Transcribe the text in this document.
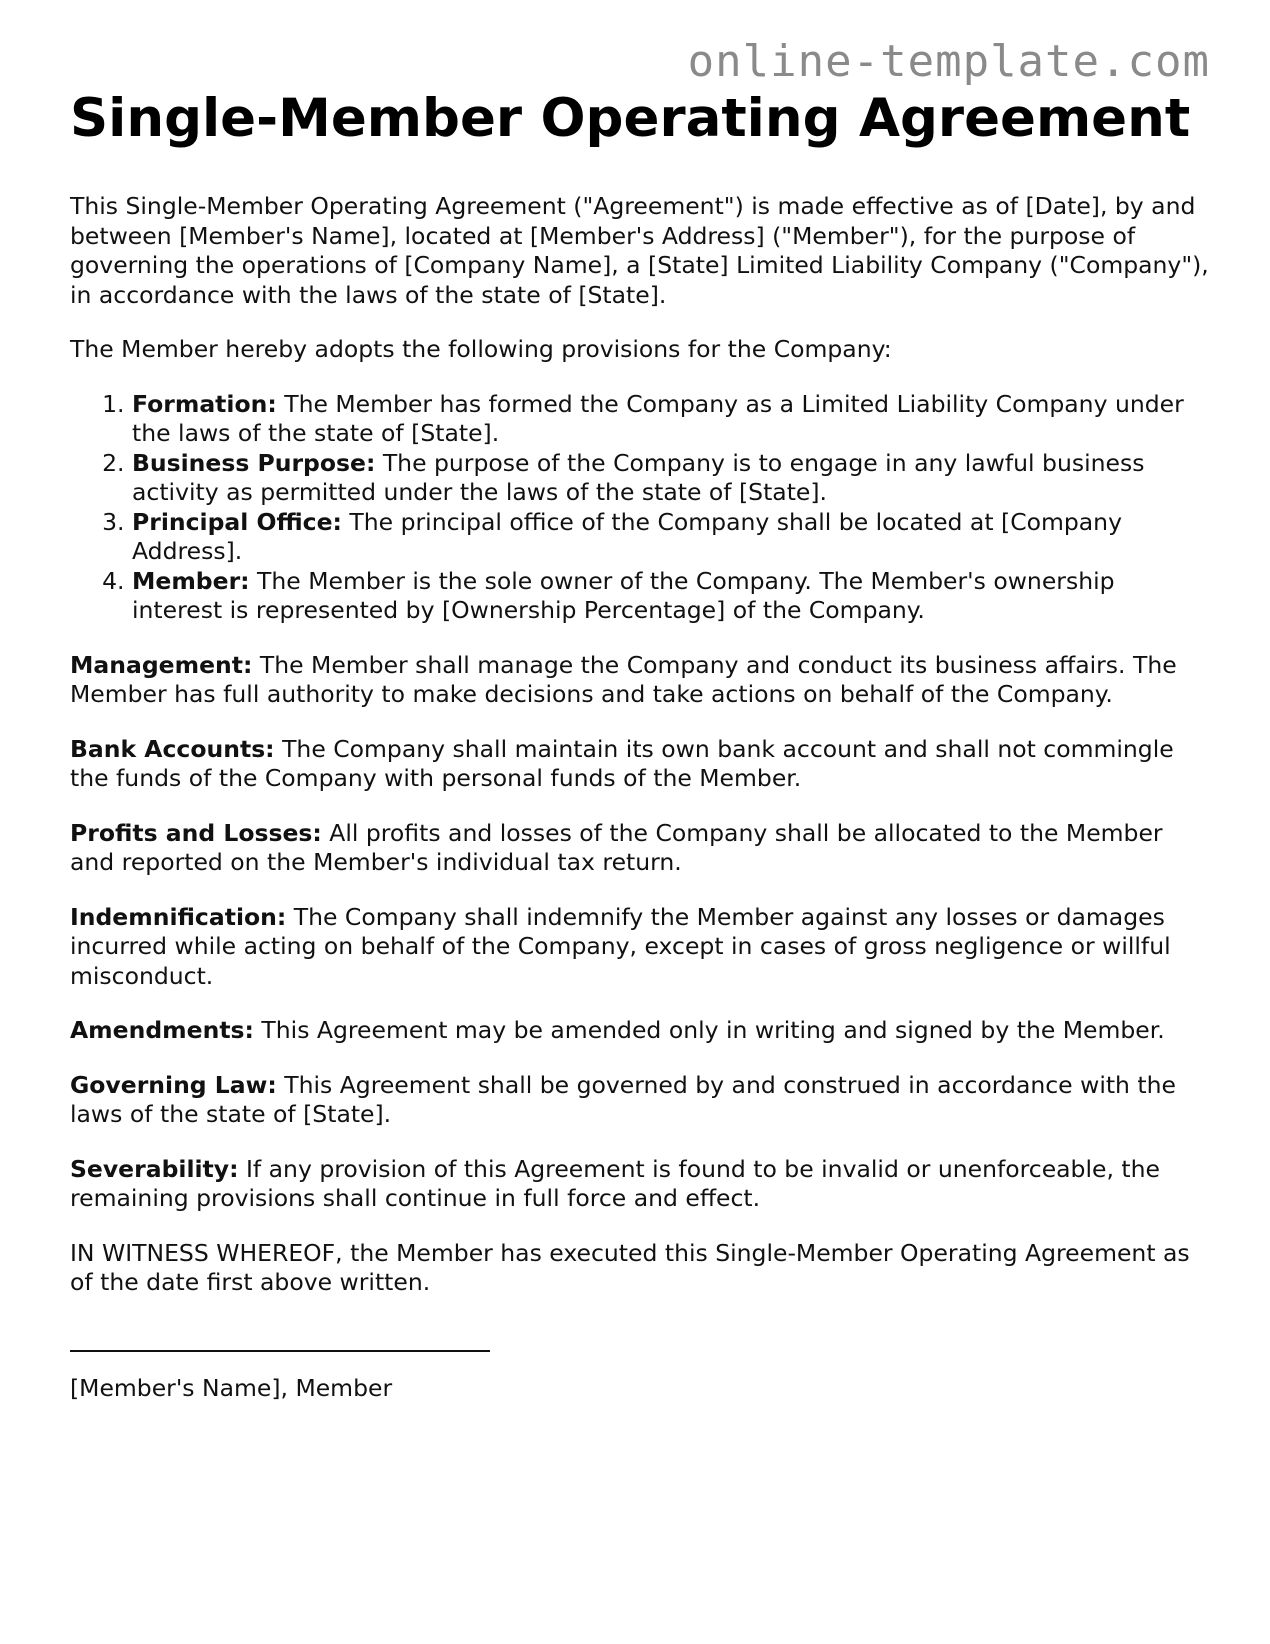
online-template.com
Single-Member Operating Agreement

This Single-Member Operating Agreement ("Agreement") is made effective as of [Date], by and between [Member's Name], located at [Member's Address] ("Member"), for the purpose of governing the operations of [Company Name], a [State] Limited Liability Company ("Company"), in accordance with the laws of the state of [State].

The Member hereby adopts the following provisions for the Company:

1. Formation: The Member has formed the Company as a Limited Liability Company under the laws of the state of [State].
2. Business Purpose: The purpose of the Company is to engage in any lawful business activity as permitted under the laws of the state of [State].
3. Principal Office: The principal office of the Company shall be located at [Company Address].
4. Member: The Member is the sole owner of the Company. The Member's ownership interest is represented by [Ownership Percentage] of the Company.

Management: The Member shall manage the Company and conduct its business affairs. The Member has full authority to make decisions and take actions on behalf of the Company.

Bank Accounts: The Company shall maintain its own bank account and shall not commingle the funds of the Company with personal funds of the Member.

Profits and Losses: All profits and losses of the Company shall be allocated to the Member and reported on the Member's individual tax return.

Indemnification: The Company shall indemnify the Member against any losses or damages incurred while acting on behalf of the Company, except in cases of gross negligence or willful misconduct.

Amendments: This Agreement may be amended only in writing and signed by the Member.

Governing Law: This Agreement shall be governed by and construed in accordance with the laws of the state of [State].

Severability: If any provision of this Agreement is found to be invalid or unenforceable, the remaining provisions shall continue in full force and effect.

IN WITNESS WHEREOF, the Member has executed this Single-Member Operating Agreement as of the date first above written.

[Member's Name], Member
